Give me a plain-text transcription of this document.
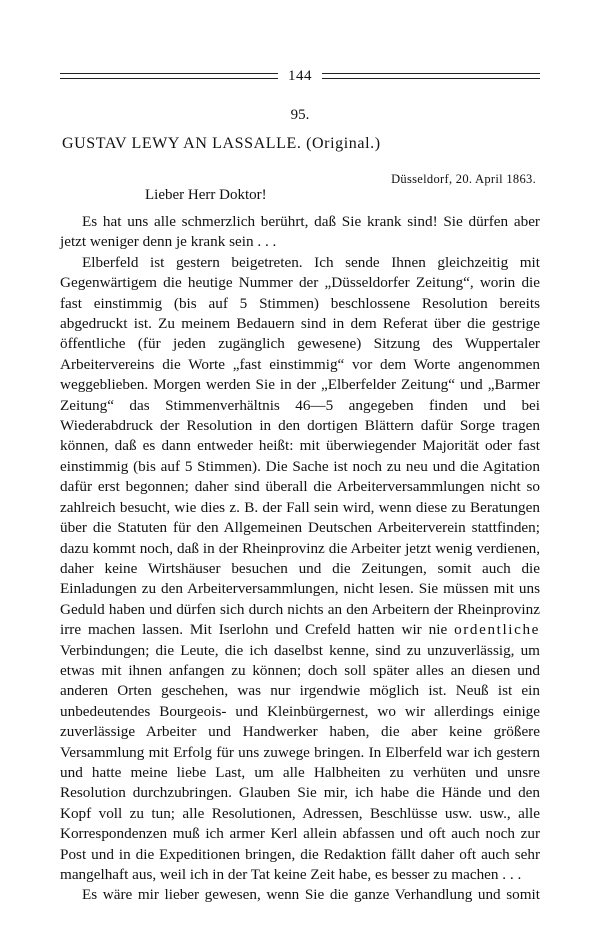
144
95.
GUSTAV LEWY AN LASSALLE. (Original.)
Düsseldorf, 20. April 1863.
Lieber Herr Doktor!

Es hat uns alle schmerzlich berührt, daß Sie krank sind! Sie dürfen aber jetzt weniger denn je krank sein . . .

Elberfeld ist gestern beigetreten. Ich sende Ihnen gleichzeitig mit Gegenwärtigem die heutige Nummer der „Düsseldorfer Zeitung“, worin die fast einstimmig (bis auf 5 Stimmen) beschlossene Resolution bereits abgedruckt ist. Zu meinem Bedauern sind in dem Referat über die gestrige öffentliche (für jeden zugänglich gewesene) Sitzung des Wuppertaler Arbeitervereins die Worte „fast einstimmig“ vor dem Worte angenommen weggeblieben. Morgen werden Sie in der „Elberfelder Zeitung“ und „Barmer Zeitung“ das Stimmenverhältnis 46—5 angegeben finden und bei Wiederabdruck der Resolution in den dortigen Blättern dafür Sorge tragen können, daß es dann entweder heißt: mit überwiegender Majorität oder fast einstimmig (bis auf 5 Stimmen). Die Sache ist noch zu neu und die Agitation dafür erst begonnen; daher sind überall die Arbeiterversammlungen nicht so zahlreich besucht, wie dies z. B. der Fall sein wird, wenn diese zu Beratungen über die Statuten für den Allgemeinen Deutschen Arbeiterverein stattfinden; dazu kommt noch, daß in der Rheinprovinz die Arbeiter jetzt wenig verdienen, daher keine Wirtshäuser besuchen und die Zeitungen, somit auch die Einladungen zu den Arbeiterversammlungen, nicht lesen. Sie müssen mit uns Geduld haben und dürfen sich durch nichts an den Arbeitern der Rheinprovinz irre machen lassen. Mit Iserlohn und Crefeld hatten wir nie ordentliche Verbindungen; die Leute, die ich daselbst kenne, sind zu unzuverlässig, um etwas mit ihnen anfangen zu können; doch soll später alles an diesen und anderen Orten geschehen, was nur irgendwie möglich ist. Neuß ist ein unbedeutendes Bourgeois- und Kleinbürgernest, wo wir allerdings einige zuverlässige Arbeiter und Handwerker haben, die aber keine größere Versammlung mit Erfolg für uns zuwege bringen. In Elberfeld war ich gestern und hatte meine liebe Last, um alle Halbheiten zu verhüten und unsre Resolution durchzubringen. Glauben Sie mir, ich habe die Hände und den Kopf voll zu tun; alle Resolutionen, Adressen, Beschlüsse usw. usw., alle Korrespondenzen muß ich armer Kerl allein abfassen und oft auch noch zur Post und in die Expeditionen bringen, die Redaktion fällt daher oft auch sehr mangelhaft aus, weil ich in der Tat keine Zeit habe, es besser zu machen . . .

Es wäre mir lieber gewesen, wenn Sie die ganze Verhandlung und somit
